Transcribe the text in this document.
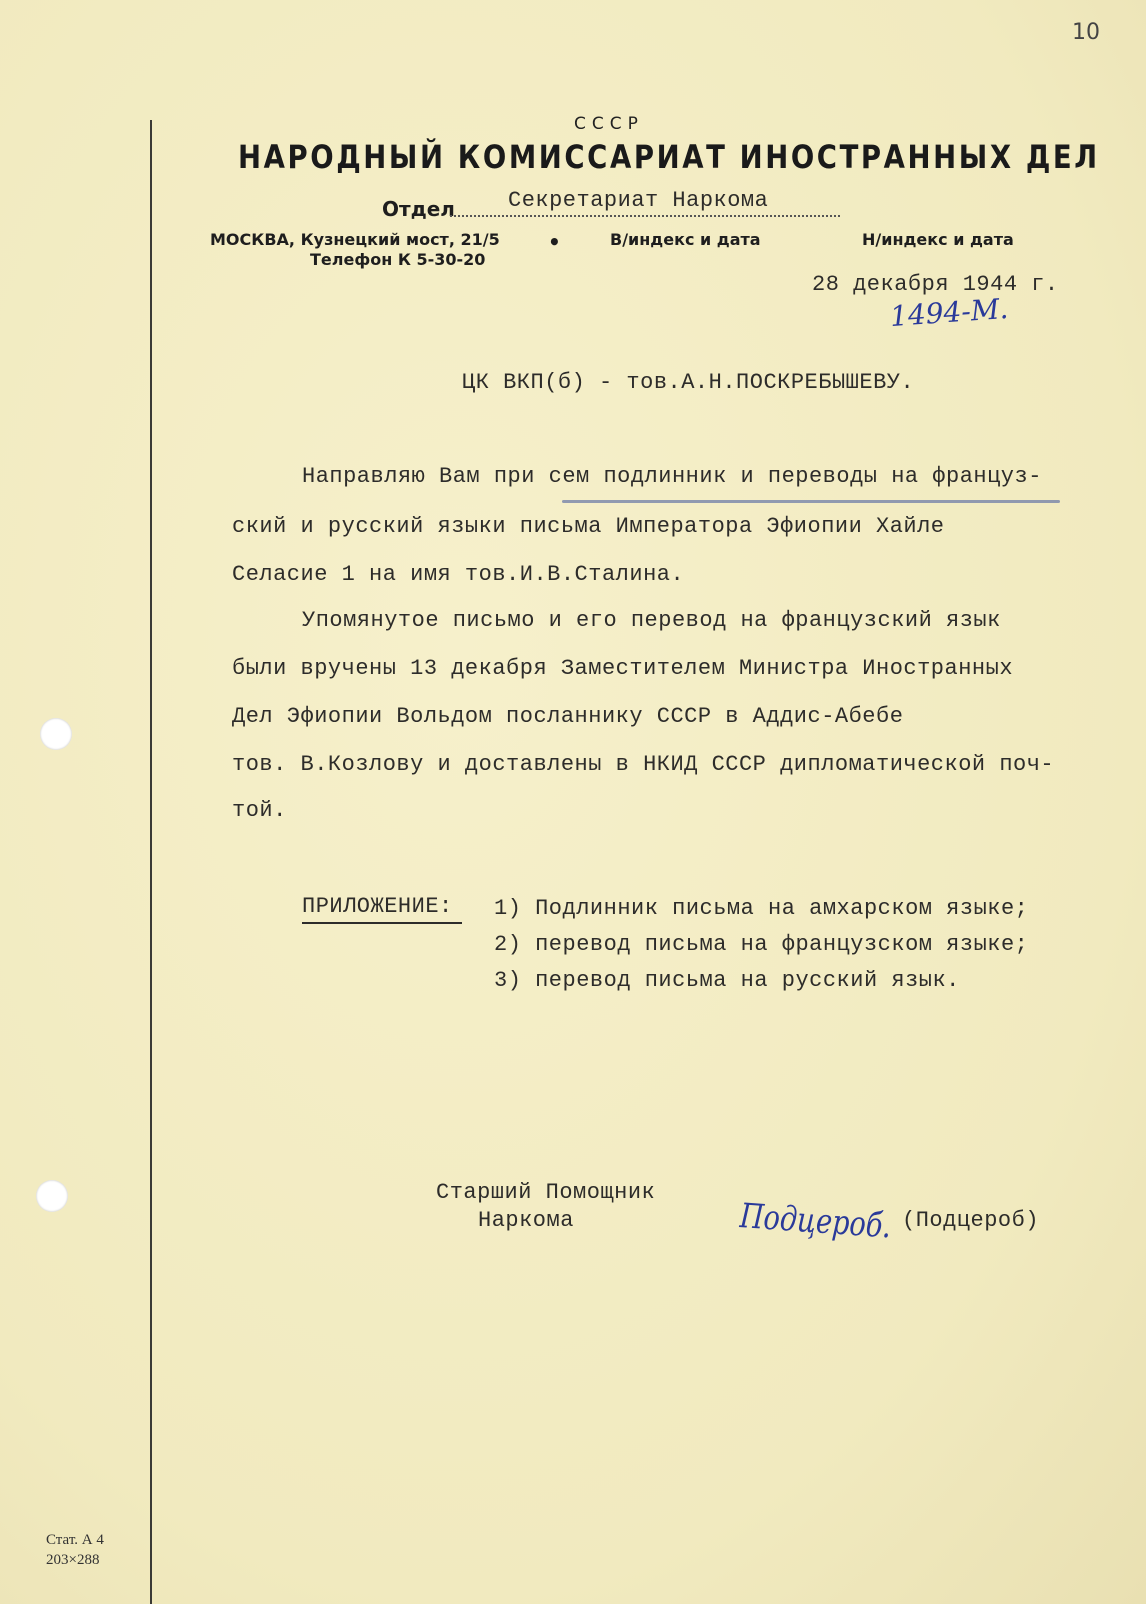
10
СССР
НАРОДНЫЙ КОМИССАРИАТ ИНОСТРАННЫХ ДЕЛ
Отдел Секретариат Наркома
МОСКВА, Кузнецкий мост, 21/5
Телефон К 5-30-20
•	В/индекс и дата	Н/индекс и дата
28 декабря 1944 г.
1494-М.
ЦК ВКП(б) - тов.А.Н.ПОСКРЕБЫШЕВУ.
Направляю Вам при сем подлинник и переводы на француз-
ский и русский языки письма Императора Эфиопии Хайле
Селасие 1 на имя тов.И.В.Сталина.
Упомянутое письмо и его перевод на французский язык
были вручены 13 декабря Заместителем Министра Иностранных
Дел Эфиопии Вольдом посланнику СССР в Аддис-Абебе
тов. В.Козлову и доставлены в НКИД СССР дипломатической поч-
той.
ПРИЛОЖЕНИЕ: 1) Подлинник письма на амхарском языке;
2) перевод письма на французском языке;
3) перевод письма на русский язык.
Старший Помощник
Наркома	Подцероб. (Подцероб)
Стат. А 4
203×288
